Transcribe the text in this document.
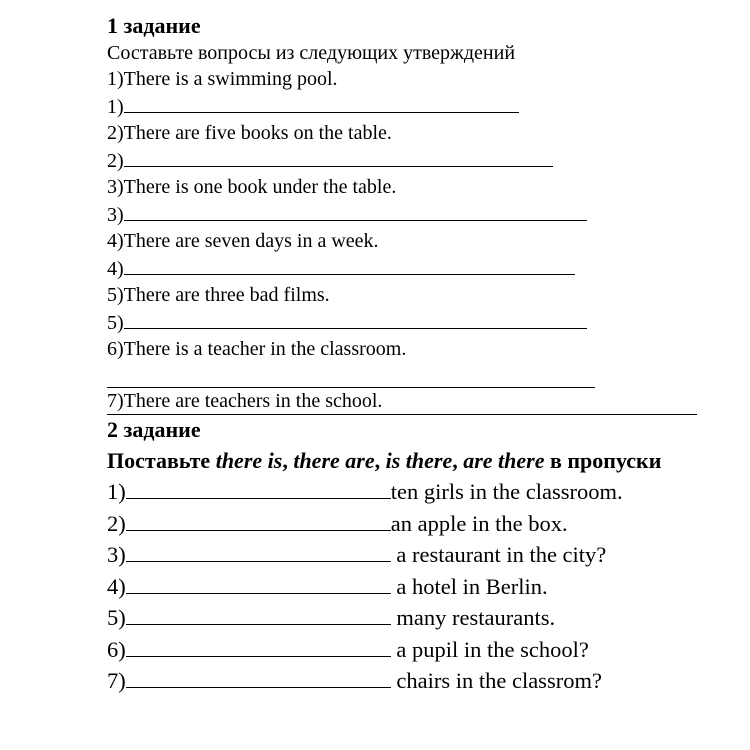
1 задание
Составьте вопросы из следующих утверждений
1)There is a swimming pool.
1)
2)There are five books on the table.
2)
3)There is one book under the table.
3)
4)There are seven days in a week.
4)
5)There are three bad films.
5)
6)There is a teacher in the classroom.
7)There are teachers in the school.
2 задание
Поставьте there is, there are, is there, are there в пропуски
1)	ten girls in the classroom.
2)	an apple in the box.
3)	a restaurant in the city?
4)	a hotel in Berlin.
5)	many restaurants.
6)	a pupil in the school?
7)	chairs in the classrom?
